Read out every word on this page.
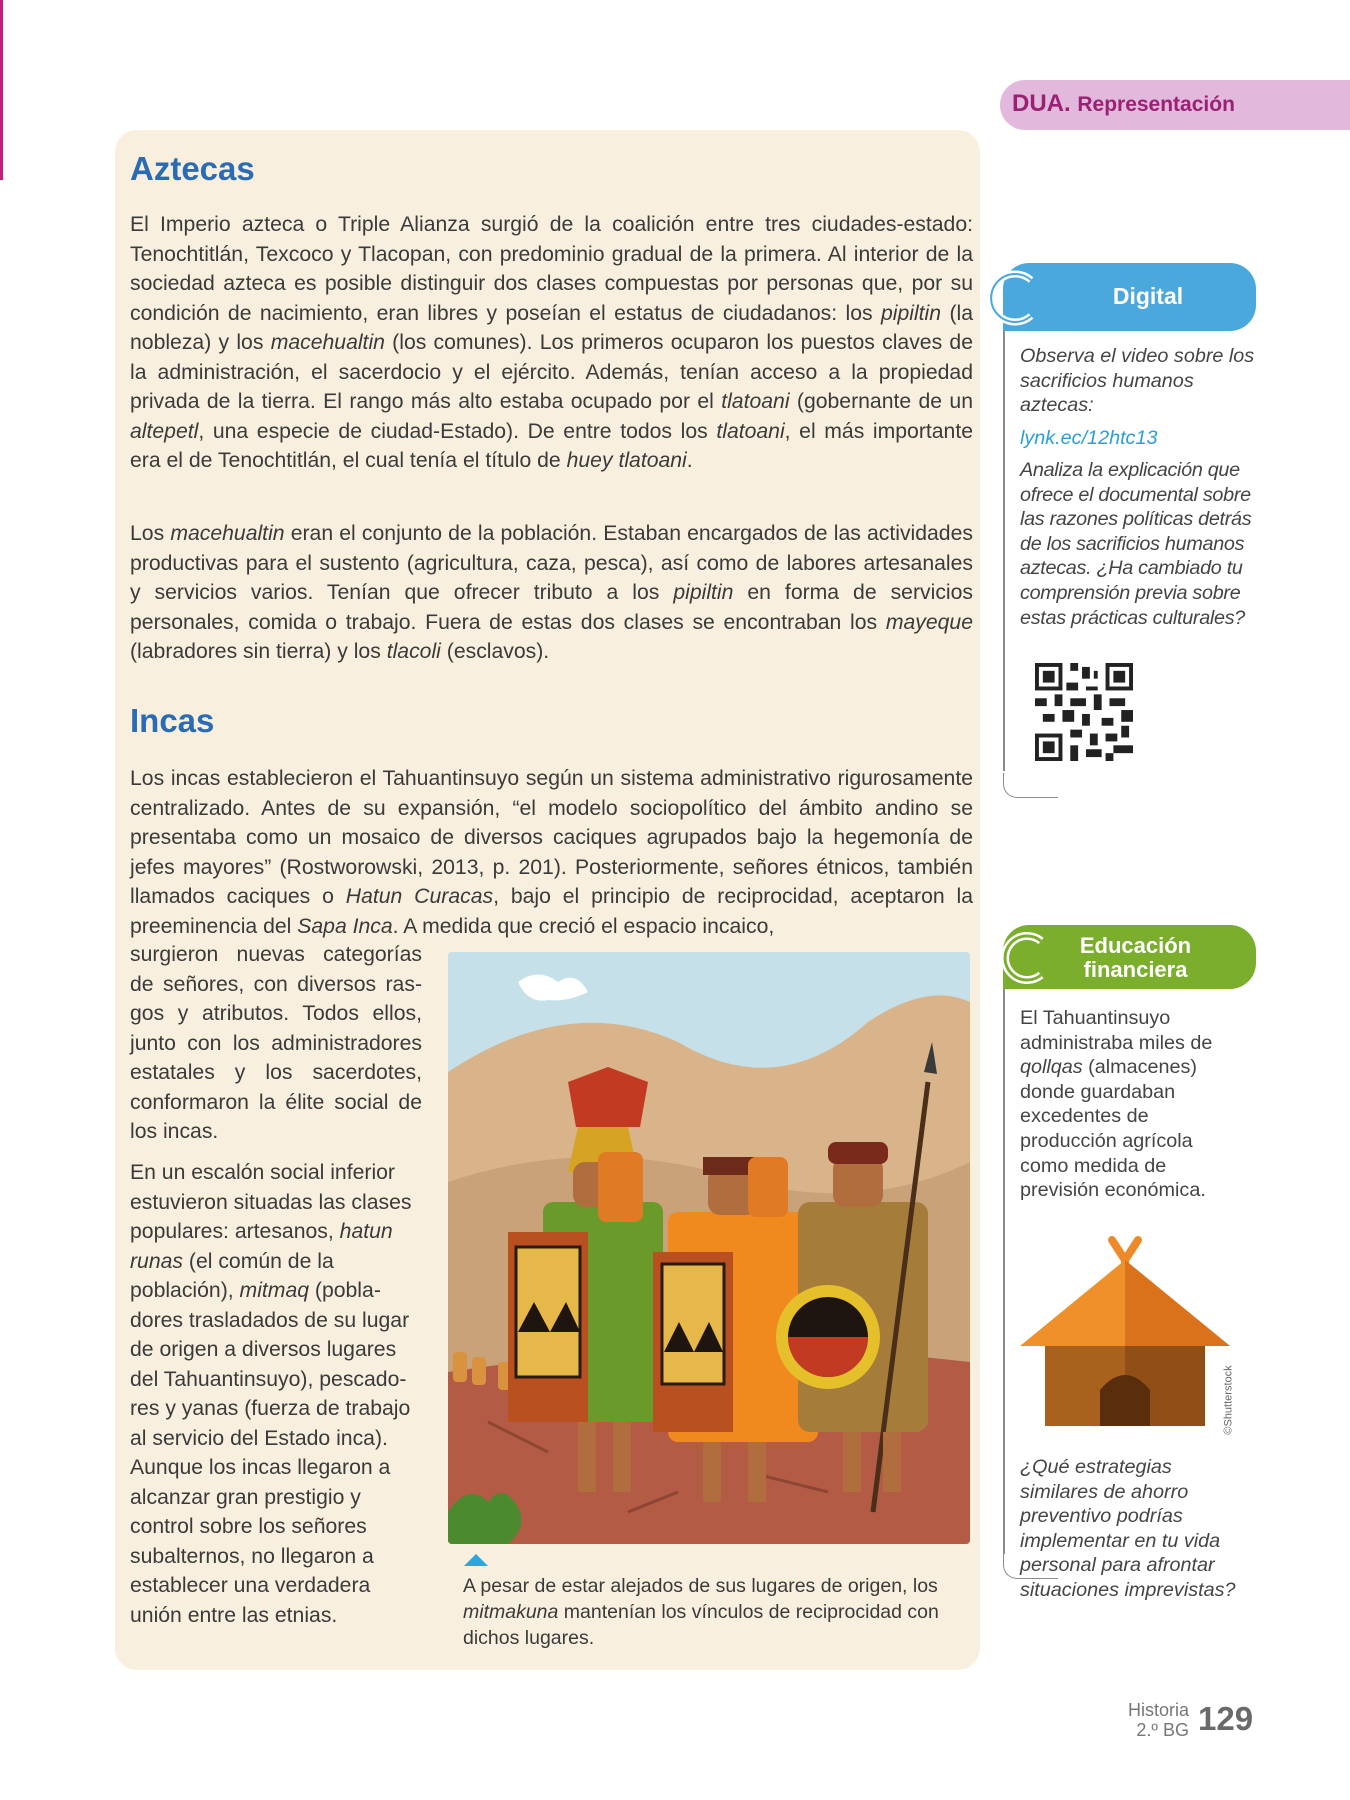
DUA. Representación
Aztecas

El Imperio azteca o Triple Alianza surgió de la coalición entre tres ciudades-estado: Tenochtitlán, Texcoco y Tlacopan, con predominio gradual de la primera. Al interior de la sociedad azteca es posible distinguir dos clases compuestas por personas que, por su condición de nacimiento, eran libres y poseían el estatus de ciudadanos: los pipiltin (la nobleza) y los macehualtin (los comunes). Los primeros ocuparon los puestos claves de la administración, el sacerdocio y el ejército. Además, tenían acceso a la propiedad privada de la tierra. El rango más alto estaba ocupado por el tlatoani (gobernante de un altepetl, una especie de ciudad-Estado). De entre todos los tlatoani, el más importante era el de Tenochtitlán, el cual tenía el título de huey tlatoani.

Los macehualtin eran el conjunto de la población. Estaban encargados de las actividades productivas para el sustento (agricultura, caza, pesca), así como de labores artesanales y servicios varios. Tenían que ofrecer tributo a los pipiltin en forma de servicios personales, comida o trabajo. Fuera de estas dos clases se encontraban los mayeque (labradores sin tierra) y los tlacoli (esclavos).

Incas

Los incas establecieron el Tahuantinsuyo según un sistema administrativo rigurosamente centralizado. Antes de su expansión, “el modelo sociopolítico del ámbito andino se presentaba como un mosaico de diversos caciques agrupados bajo la hegemonía de jefes mayores” (Rostworowski, 2013, p. 201). Posteriormente, señores étnicos, también llamados caciques o Hatun Curacas, bajo el principio de reciprocidad, aceptaron la preeminencia del Sapa Inca. A medida que creció el espacio incaico,

surgieron nuevas categorías de señores, con diversos rasgos y atributos. Todos ellos, junto con los administradores estatales y los sacerdotes, conformaron la élite social de los incas.

En un escalón social inferior estuvieron situadas las clases populares: artesanos, hatun runas (el común de la población), mitmaq (pobladores trasladados de su lugar de origen a diversos lugares del Tahuantinsuyo), pescadores y yanas (fuerza de trabajo al servicio del Estado inca). Aunque los incas llegaron a alcanzar gran prestigio y control sobre los señores subalternos, no llegaron a establecer una verdadera unión entre las etnias.

A pesar de estar alejados de sus lugares de origen, los mitmakuna mantenían los vínculos de reciprocidad con dichos lugares.

Digital

Observa el video sobre los sacrificios humanos aztecas:

lynk.ec/12htc13

Analiza la explicación que ofrece el documental sobre las razones políticas detrás de los sacrificios humanos aztecas. ¿Ha cambiado tu comprensión previa sobre estas prácticas culturales?

Educación
financiera

El Tahuantinsuyo administraba miles de qollqas (almacenes) donde guardaban excedentes de producción agrícola como medida de previsión económica.

©Shutterstock

¿Qué estrategias similares de ahorro preventivo podrías implementar en tu vida personal para afrontar situaciones imprevistas?

Historia
2.º BG 129
